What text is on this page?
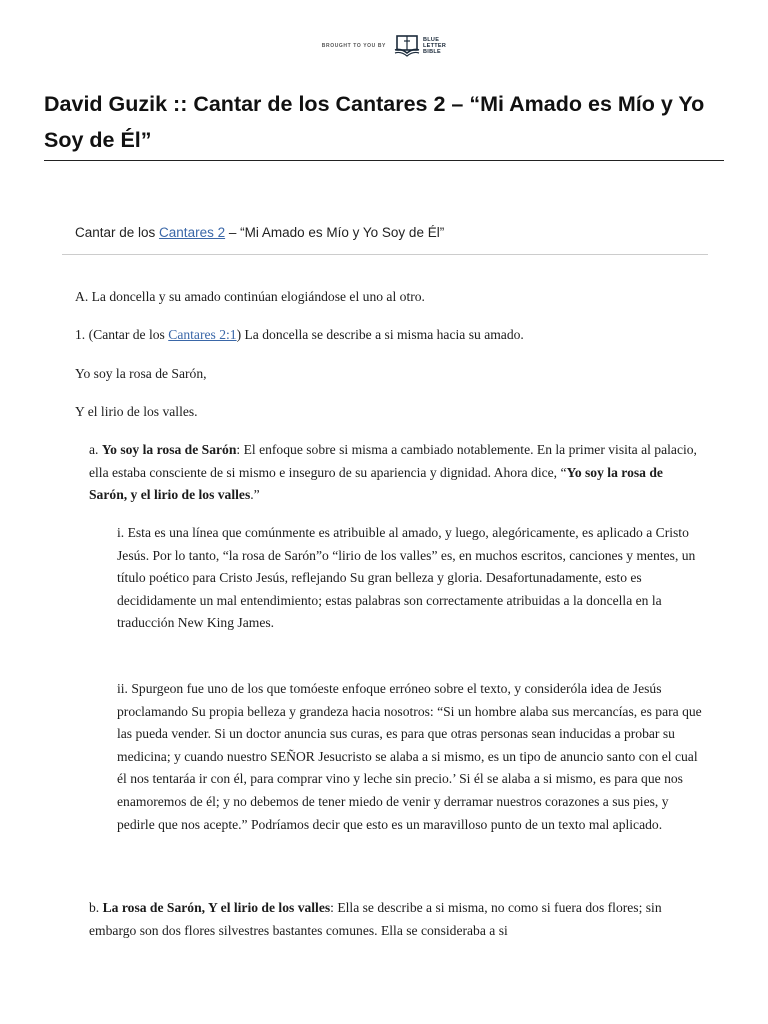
BROUGHT TO YOU BY
BLUE
LETTER
BIBLE
David Guzik :: Cantar de los Cantares 2 – “Mi Amado es Mío y Yo Soy de Él”
Cantar de los Cantares 2 – “Mi Amado es Mío y Yo Soy de Él”

A. La doncella y su amado continúan elogiándose el uno al otro.

1. (Cantar de los Cantares 2:1) La doncella se describe a si misma hacia su amado.

Yo soy la rosa de Sarón,

Y el lirio de los valles.

a. Yo soy la rosa de Sarón: El enfoque sobre si misma a cambiado notablemente. En la primer visita al palacio, ella estaba consciente de si mismo e inseguro de su apariencia y dignidad. Ahora dice, “Yo soy la rosa de Sarón, y el lirio de los valles.”

i. Esta es una línea que comúnmente es atribuible al amado, y luego, alegóricamente, es aplicado a Cristo Jesús. Por lo tanto, “la rosa de Sarón”o “lirio de los valles” es, en muchos escritos, canciones y mentes, un título poético para Cristo Jesús, reflejando Su gran belleza y gloria. Desafortunadamente, esto es decididamente un mal entendimiento; estas palabras son correctamente atribuidas a la doncella en la traducción New King James.

ii. Spurgeon fue uno de los que tomóeste enfoque erróneo sobre el texto, y consideróla idea de Jesús proclamando Su propia belleza y grandeza hacia nosotros: “Si un hombre alaba sus mercancías, es para que las pueda vender. Si un doctor anuncia sus curas, es para que otras personas sean inducidas a probar su medicina; y cuando nuestro SEÑOR Jesucristo se alaba a si mismo, es un tipo de anuncio santo con el cual él nos tentaráa ir con él, para comprar vino y leche sin precio.’ Si él se alaba a si mismo, es para que nos enamoremos de él; y no debemos de tener miedo de venir y derramar nuestros corazones a sus pies, y pedirle que nos acepte.” Podríamos decir que esto es un maravilloso punto de un texto mal aplicado.

b. La rosa de Sarón, Y el lirio de los valles: Ella se describe a si misma, no como si fuera dos flores; sin embargo son dos flores silvestres bastantes comunes. Ella se consideraba a si
